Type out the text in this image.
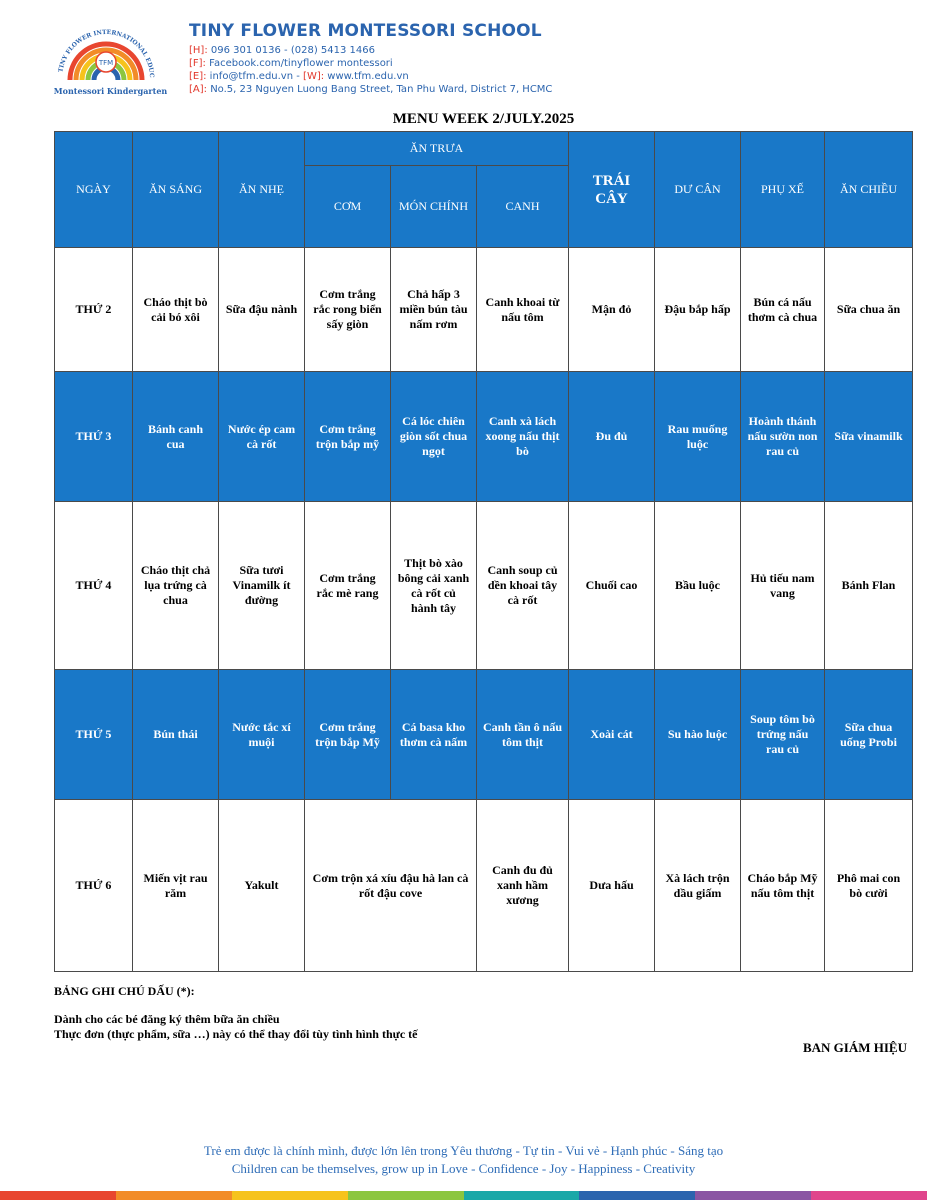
TFM
TINY FLOWER INTERNATIONAL EDUC
A Montessori Kindergarten
TINY FLOWER MONTESSORI SCHOOL
[H]: 096 301 0136 - (028) 5413 1466
[F]: Facebook.com/tinyflower montessori
[E]: info@tfm.edu.vn - [W]: www.tfm.edu.vn
[A]: No.5, 23 Nguyen Luong Bang Street, Tan Phu Ward, District 7, HCMC
MENU WEEK 2/JULY.2025
NGÀY	ĂN SÁNG	ĂN NHẸ	ĂN TRƯA			TRÁI CÂY	DƯ CÂN	PHỤ XẾ	ĂN CHIỀU
			CƠM	MÓN CHÍNH	CANH				
THỨ 2	Cháo thịt bò cải bó xôi	Sữa đậu nành	Cơm trắng rắc rong biển sấy giòn	Chả hấp 3 miền bún tàu nấm rơm	Canh khoai từ nấu tôm	Mận đỏ	Đậu bắp hấp	Bún cá nấu thơm cà chua	Sữa chua ăn
THỨ 3	Bánh canh cua	Nước ép cam cà rốt	Cơm trắng trộn bắp mỹ	Cá lóc chiên giòn sốt chua ngọt	Canh xà lách xoong nấu thịt bò	Đu đủ	Rau muống luộc	Hoành thánh nấu sườn non rau củ	Sữa vinamilk
THỨ 4	Cháo thịt chả lụa trứng cà chua	Sữa tươi Vinamilk ít đường	Cơm trắng rắc mè rang	Thịt bò xào bông cải xanh cà rốt củ hành tây	Canh soup củ dền khoai tây cà rốt	Chuối cao	Bầu luộc	Hủ tiếu nam vang	Bánh Flan
THỨ 5	Bún thái	Nước tắc xí muội	Cơm trắng trộn bắp Mỹ	Cá basa kho thơm cà nấm	Canh tần ô nấu tôm thịt	Xoài cát	Su hào luộc	Soup tôm bò trứng nấu rau củ	Sữa chua uống Probi
THỨ 6	Miến vịt rau răm	Yakult	Cơm trộn xá xíu đậu hà lan cà rốt đậu cove		Canh đu đủ xanh hầm xương	Dưa hấu	Xà lách trộn dầu giấm	Cháo bắp Mỹ nấu tôm thịt	Phô mai con bò cười
BẢNG GHI CHÚ DẤU (*):
Dành cho các bé đăng ký thêm bữa ăn chiều
Thực đơn (thực phẩm, sữa …) này có thể thay đổi tùy tình hình thực tế
BAN GIÁM HIỆU
Trẻ em được là chính mình, được lớn lên trong Yêu thương - Tự tin - Vui vẻ - Hạnh phúc - Sáng tạo
Children can be themselves, grow up in Love - Confidence - Joy - Happiness - Creativity
